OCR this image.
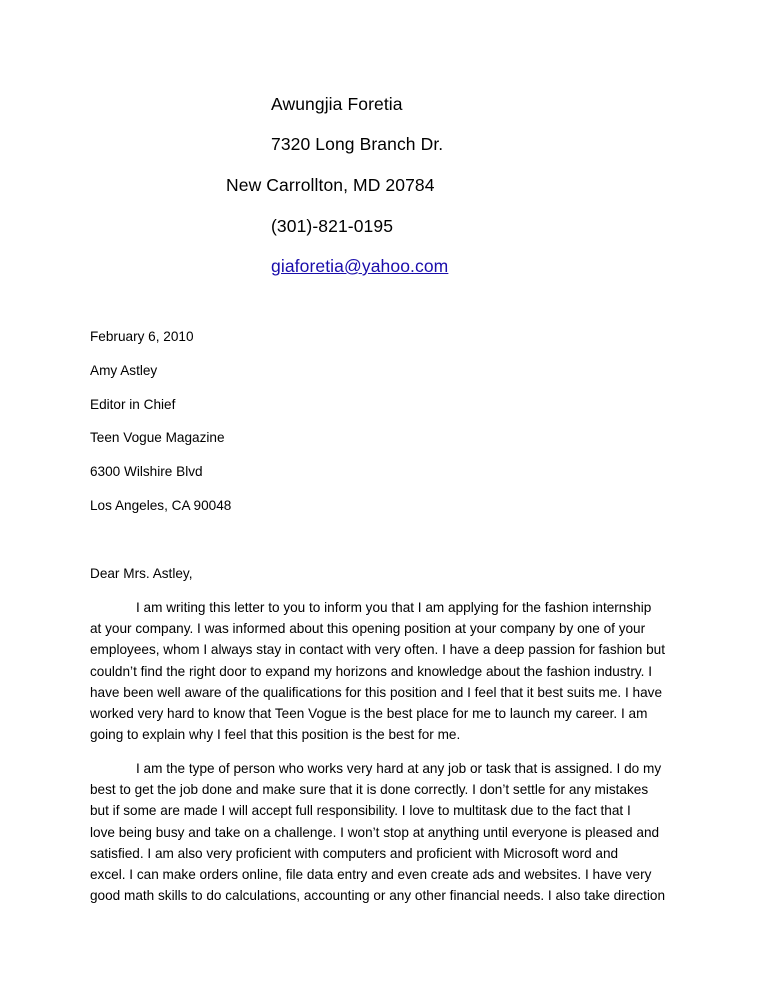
Awungjia Foretia
7320 Long Branch Dr.
New Carrollton, MD 20784
(301)-821-0195
giaforetia@yahoo.com
February 6, 2010
Amy Astley
Editor in Chief
Teen Vogue Magazine
6300 Wilshire Blvd
Los Angeles, CA 90048
Dear Mrs. Astley,

I am writing this letter to you to inform you that I am applying for the fashion internship
at your company. I was informed about this opening position at your company by one of your
employees, whom I always stay in contact with very often. I have a deep passion for fashion but
couldn’t find the right door to expand my horizons and knowledge about the fashion industry. I
have been well aware of the qualifications for this position and I feel that it best suits me. I have
worked very hard to know that Teen Vogue is the best place for me to launch my career. I am
going to explain why I feel that this position is the best for me.

I am the type of person who works very hard at any job or task that is assigned. I do my
best to get the job done and make sure that it is done correctly. I don’t settle for any mistakes
but if some are made I will accept full responsibility. I love to multitask due to the fact that I
love being busy and take on a challenge. I won’t stop at anything until everyone is pleased and
satisfied. I am also very proficient with computers and proficient with Microsoft word and
excel. I can make orders online, file data entry and even create ads and websites. I have very
good math skills to do calculations, accounting or any other financial needs. I also take direction
